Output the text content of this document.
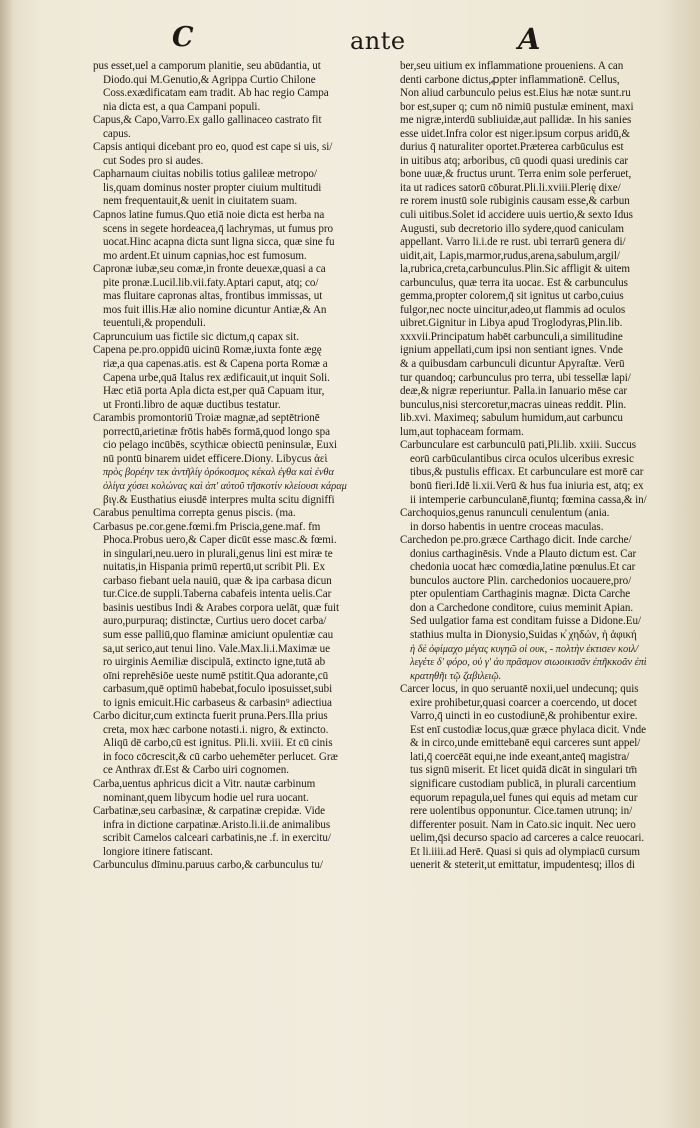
C	ante	A
pus esset,uel a camporum planitie, seu abūdantia, ut
Diodo.qui M.Genutio,& Agrippa Curtio Chilone
Coss.exædificatam eam tradit. Ab hac regio Campa
nia dicta est, a qua Campani populi.
Capus,& Capo,Varro.Ex gallo gallinaceo castrato fit
capus.
Capsis antiqui dicebant pro eo, quod est cape si uis, si/
cut Sodes pro si audes.
Capharnaum ciuitas nobilis totius galileæ metropo/
lis,quam dominus noster propter ciuium multitudi
nem frequentauit,& uenit in ciuitatem suam.
Capnos latine fumus.Quo etiā noie dicta est herba na
scens in segete hordeacea,q̄ lachrymas, ut fumus pro
uocat.Hinc acapna dicta sunt ligna sicca, quæ sine fu
mo ardent.Et uinum capnias,hoc est fumosum.
Capronæ iubæ,seu comæ,in fronte deuexæ,quasi a ca
pite pronæ.Lucil.lib.vii.faty.Aptari caput, atq; co/
mas fluitare capronas altas, frontibus immissas, ut
mos fuit illis.Hæ alio nomine dicuntur Antiæ,& An
teuentuli,& propenduli.
Capruncuium uas fictile sic dictum,q capax sit.
Capena pe.pro.oppidū uicinū Romæ,iuxta fonte ægę
riæ,a qua capenas.atis. est & Capena porta Romæ a
Capena urbe,quā Italus rex ædificauit,ut inquit Soli.
Hæc etiā porta Apla dicta est,per quā Capuam itur,
ut Fronti.libro de aquæ ductibus testatur.
Carambis promontoriū Troiæ magnæ,ad septētrionē
porrectū,arietinæ frōtis habēs formā,quod longo spa
cio pelago incūbēs, scythicæ obiectū peninsulæ, Euxi
nū pontū binarem uidet efficere.Diony. Libycus ἀεὶ
πρὸς βορέην τεκ ἀντῆλίγ ὀρόκοσμος κέκαλ ἐγθα καὶ ἐνθα
ὀλίγα χύσει κολώνας καὶ ἀπ' αὐτοῦ τῆσκοτίν κλείουσι κάραμ
βιγ.& Eusthatius eiusdē interpres multa scitu digniffi
Carabus penultima correpta genus piscis. (ma.
Carbasus pe.cor.gene.fœmi.fm Priscia,gene.maf. fm
Phoca.Probus uero,& Caper dicūt esse masc.& fœmi.
in singulari,neu.uero in plurali,genus lini est miræ te
nuitatis,in Hispania primū repertū,ut scribit Pli. Ex
carbaso fiebant uela nauiū, quæ & ipa carbasa dicun
tur.Cice.de suppli.Taberna cabafeis intenta uelis.Car
basinis uestibus Indi & Arabes corpora uelāt, quæ fuit
auro,purpuraq; distinctæ, Curtius uero docet carba/
sum esse palliū,quo flaminæ amiciunt opulentiæ cau
sa,ut serico,aut tenui lino. Vale.Max.li.i.Maximæ ue
ro uirginis Aemiliæ discipulā, extincto igne,tutā ab
oīni reprehēsiōe ueste numē pstitit.Qua adorante,cū
carbasum,quē optimū habebat,foculo iposuisset,subi
to ignis emicuit.Hic carbaseus & carbasin⁹ adiectiua
Carbo dicitur,cum extincta fuerit pruna.Pers.Illa prius
creta, mox hæc carbone notasti.i. nigro, & extincto.
Aliqū dē carbo,cū est ignitus. Pli.li. xviii. Et cū cinis
in foco cōcrescit,& cū carbo uehemēter perlucet. Græ
ce Anthrax dī.Est & Carbo uiri cognomen.
Carba,uentus aphricus dicit a Vitr. nautæ carbinum
nominant,quem libycum hodie uel rura uocant.
Carbatinæ,seu carbasinæ, & carpatinæ crepidæ. Vide
infra in dictione carpatinæ.Aristo.li.ii.de animalibus
scribit Camelos calceari carbatinis,ne .f. in exercitu/
longiore itinere fatiscant.
Carbunculus dīminu.paruus carbo,& carbunculus tu/
ber,seu uitium ex inflammatione proueniens. A can
denti carbone dictus,ꝓpter inflammationē. Cellus,
Non aliud carbunculo peius est.Eius hæ notæ sunt.ru
bor est,super q; cum nō nimiū pustulæ eminent, maxi
me nigræ,interdū subliuidæ,aut pallidæ. In his sanies
esse uidet.Infra color est niger.ipsum corpus aridū,&
durius q̄ naturaliter oportet.Præterea carbūculus est
in uitibus atq; arboribus, cū quodi quasi uredinis car
bone uuæ,& fructus urunt. Terra enim sole perferuet,
ita ut radices satorū cōburat.Pli.li.xviii.Plerię dixe/
re rorem inustū sole rubiginis causam esse,& carbun
culi uitibus.Solet id accidere uuis uertio,& sexto Idus
Augusti, sub decretorio illo sydere,quod caniculam
appellant. Varro li.i.de re rust. ubi terrarū genera di/
uidit,ait, Lapis,marmor,rudus,arena,sabulum,argil/
la,rubrica,creta,carbunculus.Plin.Sic affligit & uitem
carbunculus, quæ terra ita uocaε. Est & carbunculus
gemma,propter colorem,q̄ sit ignitus ut carbo,cuius
fulgor,nec nocte uincitur,adeo,ut flammis ad oculos
uibret.Gignitur in Libya apud Troglodyras,Plin.lib.
xxxvii.Principatum habēt carbunculi,a similitudine
ignium appellati,cum ipsi non sentiant ignes. Vnde
& a quibusdam carbunculi dicuntur Apyraſtæ. Verū
tur quandoq; carbunculus pro terra, ubi tessellæ lapi/
deæ,& nigræ reperiuntur. Palla.in Ianuario mēse car
bunculus,nisi stercoretur,macras uineas reddit. Plin.
lib.xvi. Maximeq; sabulum humidum,aut carbuncu
lum,aut tophaceam formam.
Carbunculare est carbunculū pati,Pli.lib. xxiii. Succus
eorū carbūculantibus circa oculos ulceribus exresic
tibus,& pustulis efficax. Et carbunculare est morē car
bonū fieri.Idē li.xii.Verū & hus fua iniuria est, atq; ex
ii intemperie carbunculanē,fiuntq; fœmina cassa,& in/
Carchoquios,genus ranunculi cenulentum (ania.
in dorso habentis in uentre croceas maculas.
Carchedon pe.pro.græce Carthago dicit. Inde carche/
donius carthaginēsis. Vnde a Plauto dictum est. Car
chedonia uocat hæc comœdia,latine pœnulus.Et car
bunculos auctore Plin. carchedonios uocauere,pro/
pter opulentiam Carthaginis magnæ. Dicta Carche
don a Carchedone conditore, cuius meminit Apian.
Sed uulgatior fama est conditam fuisse a Didone.Eu/
stathius multa in Dionysio,Suidas κ̓ χηδών, ἡ ἀφική
ἡ δὲ ὀφίμαχο μέγας κυγηῶ οἱ ουκ, - πολτὴν ἐκτισεν κοιλ/
λεγέτε δ' φόρο, οὐ γ' ἀυ πρᾶσμον σιωοικισᾶν ἐπῆκκοᾶν ἐπὶ
κρατηθῆι τῷ ζαβιλειῷ.
Carcer locus, in quo seruantē noxii,uel undecunq; quis
exire prohibetur,quasi coarcer a coercendo, ut docet
Varro,q̄ uincti in eo custodiunē,& prohibentur exire.
Est enī custodiæ locus,quæ græce phylaca dicit. Vnde
& in circo,unde emittebanē equi carceres sunt appel/
lati,q̄ coercēāt equi,ne inde exeant,anteq̄ magistra/
tus signū miserit. Et licet quidā dicāt in singulari tm̄
significare custodiam publicā, in plurali carcentium
equorum repagula,uel funes qui equis ad metam cur
rere uolentibus opponuntur. Cice.tamen utrunq; in/
differenter posuit. Nam in Cato.sic inquit. Nec uero
uelim,q̄si decurso spacio ad carceres a calce reuocari.
Et li.iiii.ad Herē. Quasi si quis ad olympiacū cursum
uenerit & steterit,ut emittatur, impudentesq; illos di
